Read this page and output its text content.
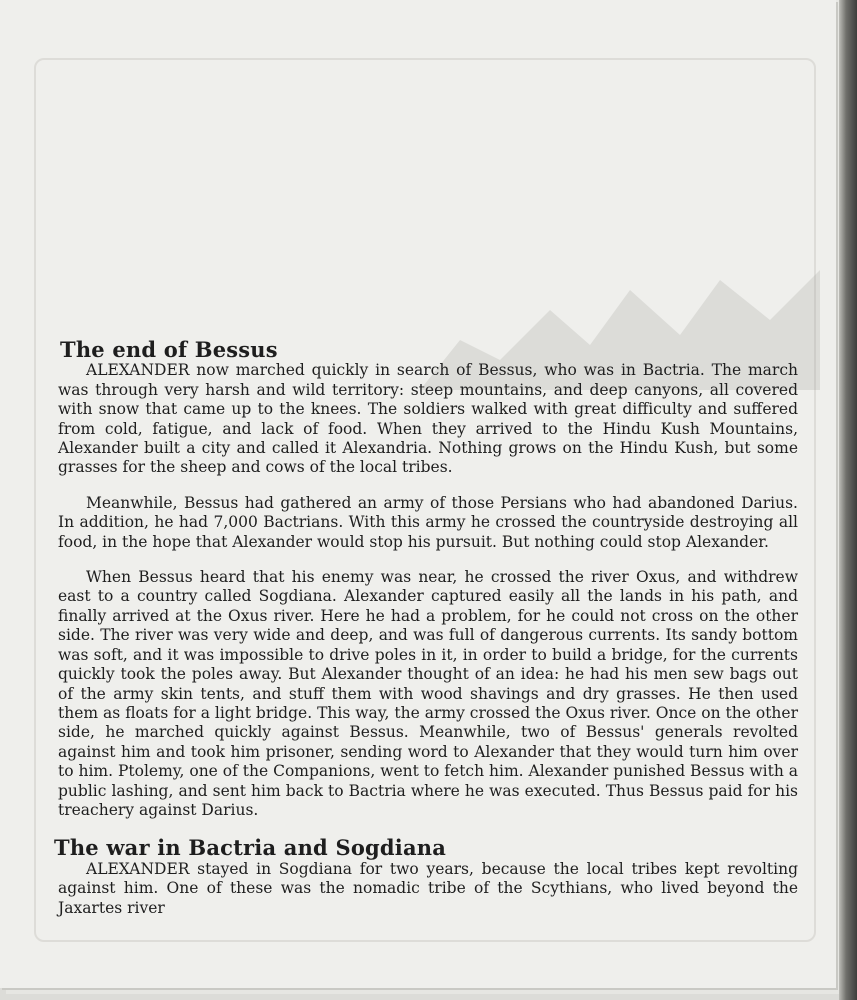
The end of Bessus

ALEXANDER now marched quickly in search of Bessus, who was in Bactria. The march was through very harsh and wild territory: steep mountains, and deep canyons, all covered with snow that came up to the knees. The soldiers walked with great difficulty and suffered from cold, fatigue, and lack of food. When they arrived to the Hindu Kush Mountains, Alexander built a city and called it Alexandria. Nothing grows on the Hindu Kush, but some grasses for the sheep and cows of the local tribes.

Meanwhile, Bessus had gathered an army of those Persians who had abandoned Darius. In addition, he had 7,000 Bactrians. With this army he crossed the countryside destroying all food, in the hope that Alexander would stop his pursuit. But nothing could stop Alexander.

When Bessus heard that his enemy was near, he crossed the river Oxus, and withdrew east to a country called Sogdiana. Alexander captured easily all the lands in his path, and finally arrived at the Oxus river. Here he had a problem, for he could not cross on the other side. The river was very wide and deep, and was full of dangerous currents. Its sandy bottom was soft, and it was impossible to drive poles in it, in order to build a bridge, for the currents quickly took the poles away. But Alexander thought of an idea: he had his men sew bags out of the army skin tents, and stuff them with wood shavings and dry grasses. He then used them as floats for a light bridge. This way, the army crossed the Oxus river. Once on the other side, he marched quickly against Bessus. Meanwhile, two of Bessus' generals revolted against him and took him prisoner, sending word to Alexander that they would turn him over to him. Ptolemy, one of the Companions, went to fetch him. Alexander punished Bessus with a public lashing, and sent him back to Bactria where he was executed. Thus Bessus paid for his treachery against Darius.

The war in Bactria and Sogdiana

ALEXANDER stayed in Sogdiana for two years, because the local tribes kept revolting against him. One of these was the nomadic tribe of the Scythians, who lived beyond the Jaxartes river
